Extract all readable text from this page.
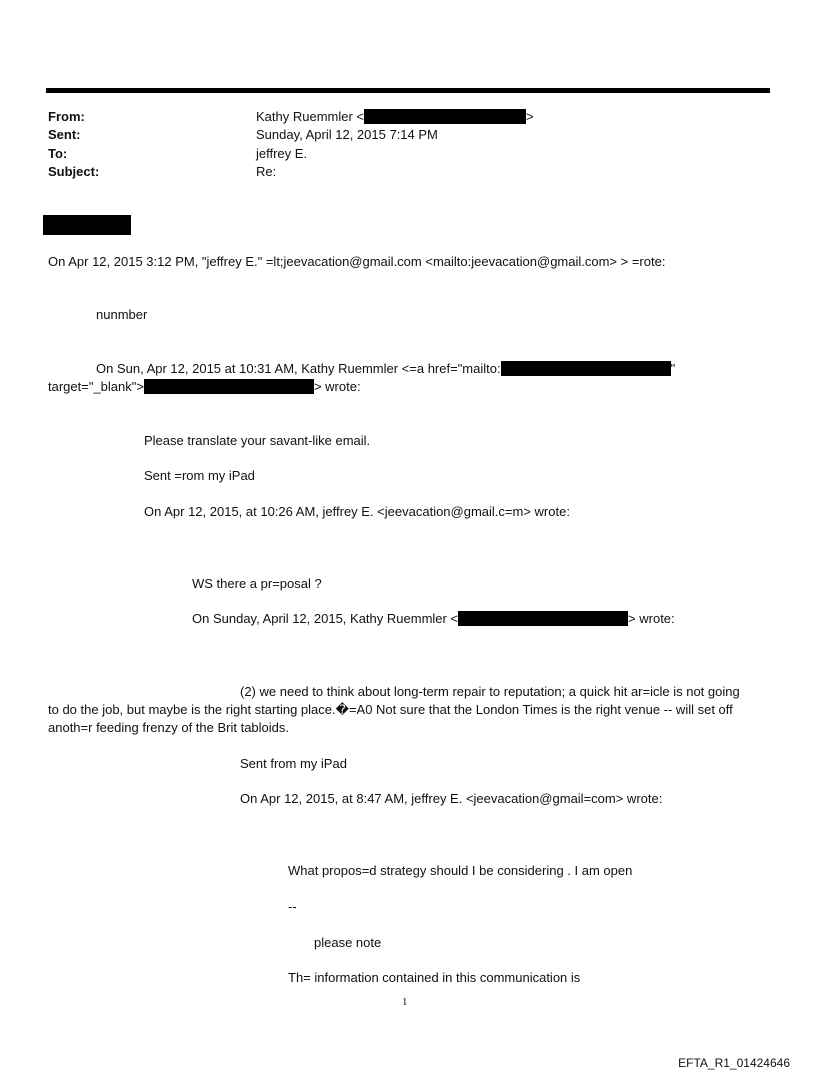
From:	Kathy Ruemmler <	>
Sent:	Sunday, April 12, 2015 7:14 PM
To:	jeffrey E.
Subject:	Re:
On Apr 12, 2015 3:12 PM, "jeffrey E." =lt;jeevacation@gmail.com <mailto:jeevacation@gmail.com> > =rote:
nunmber
On Sun, Apr 12, 2015 at 10:31 AM, Kathy Ruemmler <=a href="mailto:	"
target="_blank">	> wrote:
Please translate your savant-like email.
Sent =rom my iPad
On Apr 12, 2015, at 10:26 AM, jeffrey E. <jeevacation@gmail.c=m> wrote:
WS there a pr=posal ?
On Sunday, April 12, 2015, Kathy Ruemmler <	> wrote:
(2) we need to think about long-term repair to reputation; a quick hit ar=icle is not going
to do the job, but maybe is the right starting place.�=A0 Not sure that the London Times is the right venue -- will set off
anoth=r feeding frenzy of the Brit tabloids.
Sent from my iPad
On Apr 12, 2015, at 8:47 AM, jeffrey E. <jeevacation@gmail=com> wrote:
What propos=d strategy should I be considering . I am open
--
please note
Th= information contained in this communication is
1
EFTA_R1_01424646
